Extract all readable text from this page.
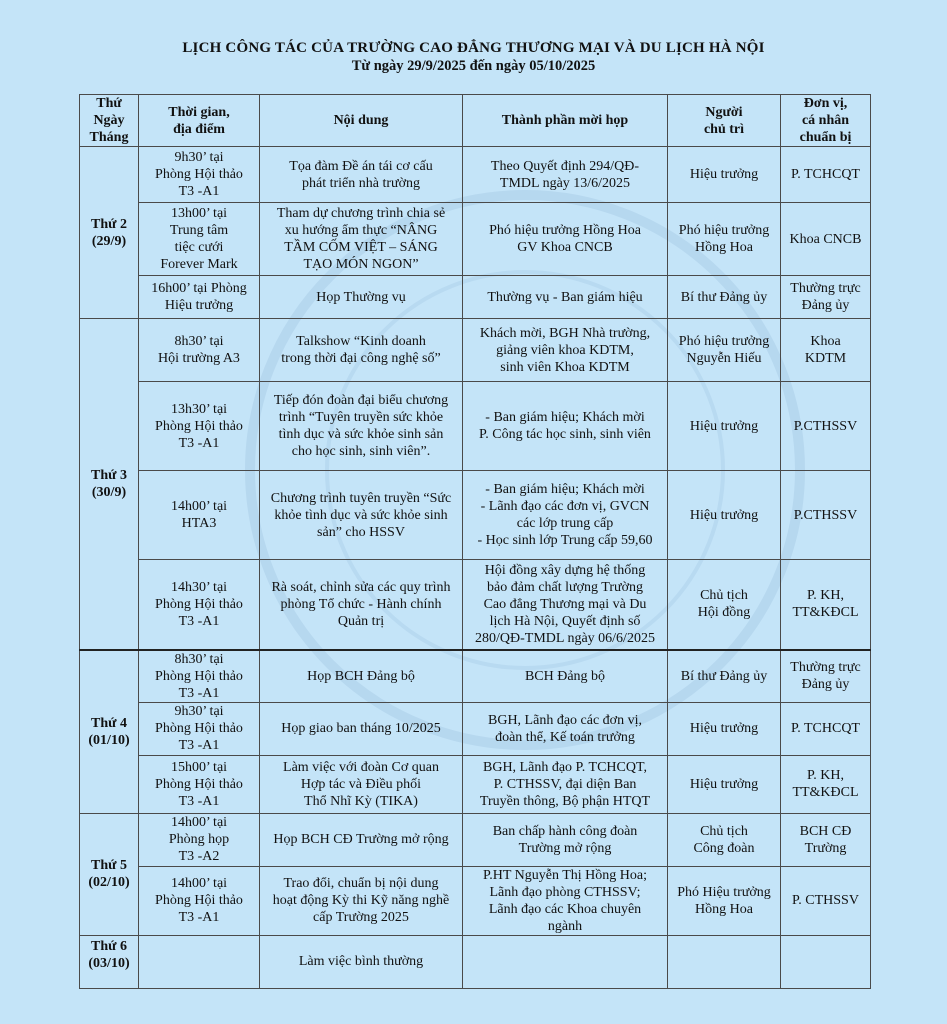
LỊCH CÔNG TÁC CỦA TRƯỜNG CAO ĐẲNG THƯƠNG MẠI VÀ DU LỊCH HÀ NỘI
Từ ngày 29/9/2025 đến ngày 05/10/2025
Thứ
Ngày
Tháng	Thời gian,
địa điểm	Nội dung	Thành phần mời họp	Người
chủ trì	Đơn vị,
cá nhân
chuẩn bị
Thứ 2
(29/9)	9h30’ tại
Phòng Hội thảo
T3 -A1	Tọa đàm Đề án tái cơ cấu
phát triển nhà trường	Theo Quyết định 294/QĐ-
TMDL ngày 13/6/2025	Hiệu trưởng	P. TCHCQT
	13h00’ tại
Trung tâm
tiệc cưới
Forever Mark	Tham dự chương trình chia sẻ
xu hướng ẩm thực “NÂNG
TẦM CỐM VIỆT – SÁNG
TẠO MÓN NGON”	Phó hiệu trưởng Hồng Hoa
GV Khoa CNCB	Phó hiệu trưởng
Hồng Hoa	Khoa CNCB
	16h00’ tại Phòng
Hiệu trưởng	Họp Thường vụ	Thường vụ - Ban giám hiệu	Bí thư Đảng ủy	Thường trực
Đảng ủy
Thứ 3
(30/9)	8h30’ tại
Hội trường A3	Talkshow “Kinh doanh
trong thời đại công nghệ số”	Khách mời, BGH Nhà trường,
giảng viên khoa KDTM,
sinh viên Khoa KDTM	Phó hiệu trưởng
Nguyễn Hiếu	Khoa
KDTM
	13h30’ tại
Phòng Hội thảo
T3 -A1	Tiếp đón đoàn đại biểu chương
trình “Tuyên truyền sức khỏe
tình dục và sức khỏe sinh sản
cho học sinh, sinh viên”.	- Ban giám hiệu; Khách mời
P. Công tác học sinh, sinh viên	Hiệu trưởng	P.CTHSSV
	14h00’ tại
HTA3	Chương trình tuyên truyền “Sức
khỏe tình dục và sức khỏe sinh
sản” cho HSSV	- Ban giám hiệu; Khách mời
- Lãnh đạo các đơn vị, GVCN
các lớp trung cấp
- Học sinh lớp Trung cấp 59,60	Hiệu trưởng	P.CTHSSV
	14h30’ tại
Phòng Hội thảo
T3 -A1	Rà soát, chỉnh sửa các quy trình
phòng Tổ chức - Hành chính
Quản trị	Hội đồng xây dựng hệ thống
bảo đảm chất lượng Trường
Cao đẳng Thương mại và Du
lịch Hà Nội, Quyết định số
280/QĐ-TMDL ngày 06/6/2025	Chủ tịch
Hội đồng	P. KH,
TT&KĐCL
Thứ 4
(01/10)	8h30’ tại
Phòng Hội thảo
T3 -A1	Họp BCH Đảng bộ	BCH Đảng bộ	Bí thư Đảng ủy	Thường trực
Đảng ủy
	9h30’ tại
Phòng Hội thảo
T3 -A1	Họp giao ban tháng 10/2025	BGH, Lãnh đạo các đơn vị,
đoàn thể, Kế toán trưởng	Hiệu trưởng	P. TCHCQT
	15h00’ tại
Phòng Hội thảo
T3 -A1	Làm việc với đoàn Cơ quan
Hợp tác và Điều phối
Thổ Nhĩ Kỳ (TIKA)	BGH, Lãnh đạo P. TCHCQT,
P. CTHSSV, đại diện Ban
Truyền thông, Bộ phận HTQT	Hiệu trưởng	P. KH,
TT&KĐCL
Thứ 5
(02/10)	14h00’ tại
Phòng họp
T3 -A2	Họp BCH CĐ Trường mở rộng	Ban chấp hành công đoàn
Trường mở rộng	Chủ tịch
Công đoàn	BCH CĐ
Trường
	14h00’ tại
Phòng Hội thảo
T3 -A1	Trao đổi, chuẩn bị nội dung
hoạt động Kỳ thi Kỹ năng nghề
cấp Trường 2025	P.HT Nguyễn Thị Hồng Hoa;
Lãnh đạo phòng CTHSSV;
Lãnh đạo các Khoa chuyên
ngành	Phó Hiệu trưởng
Hồng Hoa	P. CTHSSV
Thứ 6
(03/10)		Làm việc bình thường			
